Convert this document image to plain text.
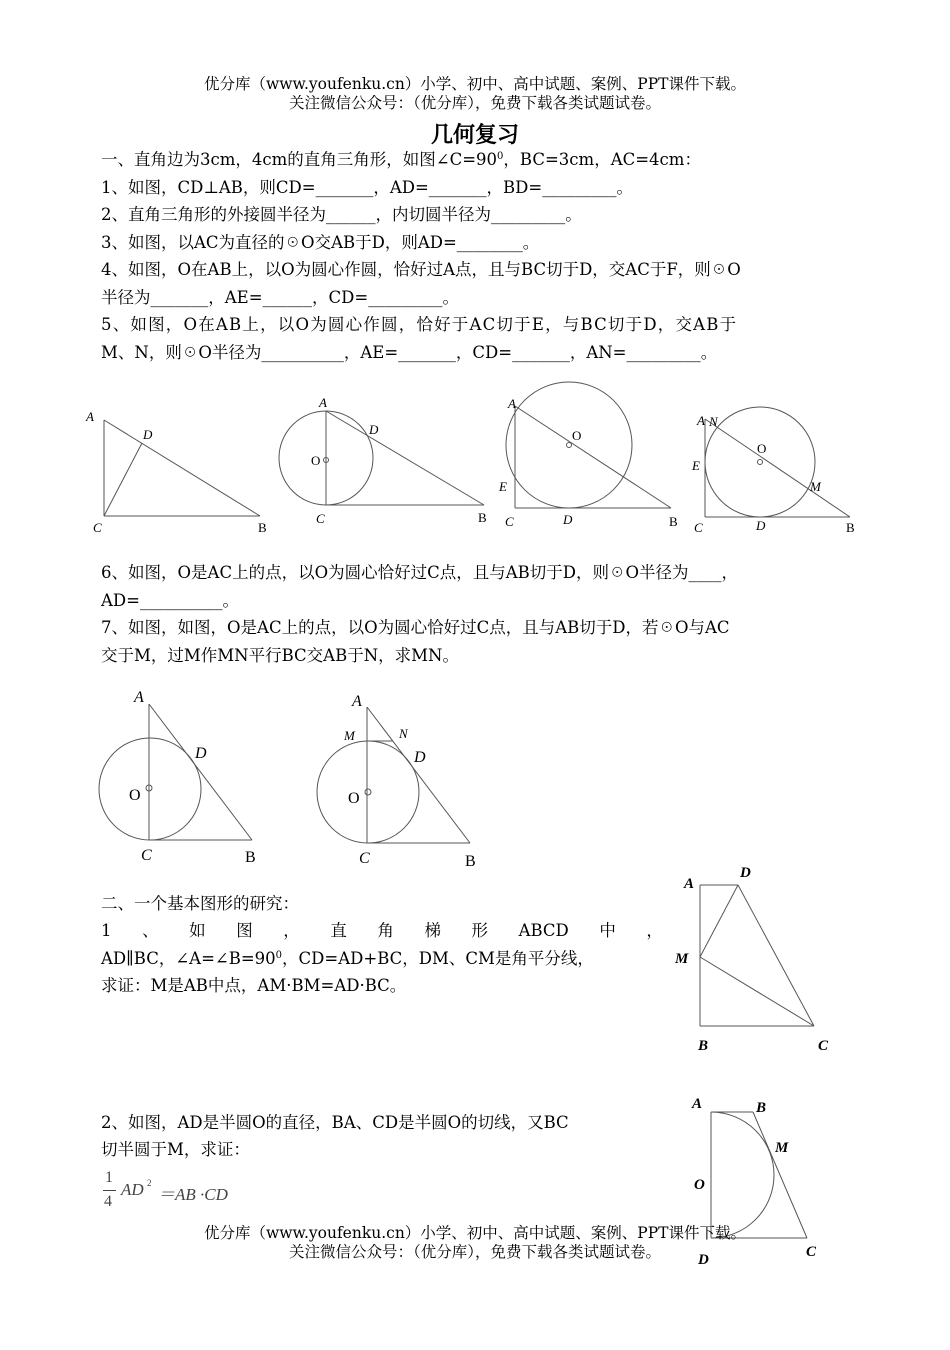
优分库（www.youfenku.cn）小学、初中、高中试题、案例、PPT课件下载。
关注微信公众号：（优分库），免费下载各类试题试卷。
几何复习
一、直角边为3cm，4cm的直角三角形，如图$\angle C=90^0$，BC=3cm，AC=4cm：
1、如图，CD⊥AB，则CD=_______，AD=_______，BD=_________。
2、直角三角形的外接圆半径为______，内切圆半径为_________。
3、如图，以AC为直径的☉O交AB于D，则AD=________。
4、如图，O在AB上，以O为圆心作圆，恰好过A点，且与BC切于D，交AC于F，则☉O
半径为_______，AE=______，CD=_________。
5、如图，O在AB上，以O为圆心作圆，恰好于AC切于E，与BC切于D，交AB于
M、N，则☉O半径为__________，AE=_______，CD=_______，AN=_________。
A
D
C	B
A
D
O
C	B
A
O
E
C	D	B
A N
O
E
M
C	D	B
6、如图，O是AC上的点，以O为圆心恰好过C点，且与AB切于D，则☉O半径为____，
AD=__________。
7、如图，如图，O是AC上的点，以O为圆心恰好过C点，且与AB切于D，若☉O与AC
交于M，过M作MN平行BC交AB于N，求MN。
A
D
O
C	B
A
M	N
D
O
C	B
二、一个基本图形的研究：
1 、 如 图 ， 直 角 梯 形 ABCD 中 ，
AD∥BC，$\angle A=\angle B=90^0$，CD=AD+BC，DM、CM是角平分线，
求证：M是AB中点，AM·BM=AD·BC。
A
D
M
B	C
2、如图，AD是半圆O的直径，BA、CD是半圆O的切线，又BC
切半圆于M，求证：
1
4
AD 2
＝AB ·CD
A	B
M
O
C
D
优分库（www.youfenku.cn）小学、初中、高中试题、案例、PPT课件下载。
关注微信公众号：（优分库），免费下载各类试题试卷。
